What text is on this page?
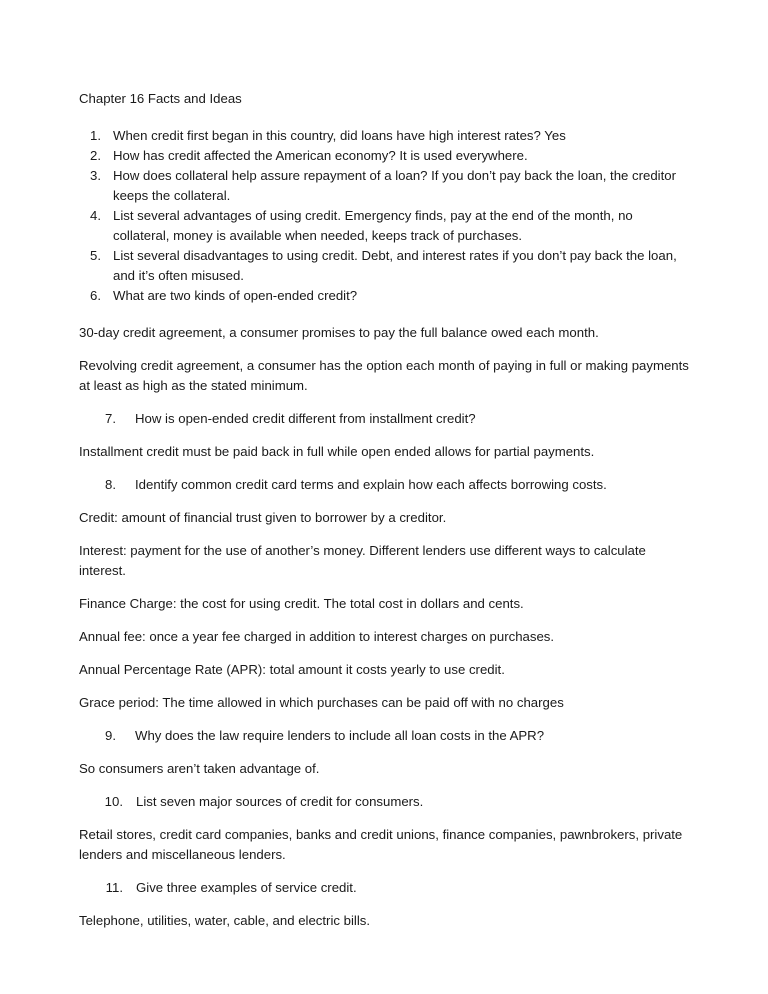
Chapter 16 Facts and Ideas

1. When credit first began in this country, did loans have high interest rates? Yes
2. How has credit affected the American economy? It is used everywhere.
3. How does collateral help assure repayment of a loan? If you don’t pay back the loan, the creditor keeps the collateral.
4. List several advantages of using credit. Emergency finds, pay at the end of the month, no collateral, money is available when needed, keeps track of purchases.
5. List several disadvantages to using credit. Debt, and interest rates if you don’t pay back the loan, and it’s often misused.
6. What are two kinds of open-ended credit?

30-day credit agreement, a consumer promises to pay the full balance owed each month.

Revolving credit agreement, a consumer has the option each month of paying in full or making payments at least as high as the stated minimum.

7.	How is open-ended credit different from installment credit?

Installment credit must be paid back in full while open ended allows for partial payments.

8.	Identify common credit card terms and explain how each affects borrowing costs.

Credit: amount of financial trust given to borrower by a creditor.

Interest: payment for the use of another’s money. Different lenders use different ways to calculate interest.

Finance Charge: the cost for using credit. The total cost in dollars and cents.

Annual fee: once a year fee charged in addition to interest charges on purchases.

Annual Percentage Rate (APR): total amount it costs yearly to use credit.

Grace period: The time allowed in which purchases can be paid off with no charges

9.	Why does the law require lenders to include all loan costs in the APR?

So consumers aren’t taken advantage of.

10. List seven major sources of credit for consumers.

Retail stores, credit card companies, banks and credit unions, finance companies, pawnbrokers, private lenders and miscellaneous lenders.

11. Give three examples of service credit.

Telephone, utilities, water, cable, and electric bills.
